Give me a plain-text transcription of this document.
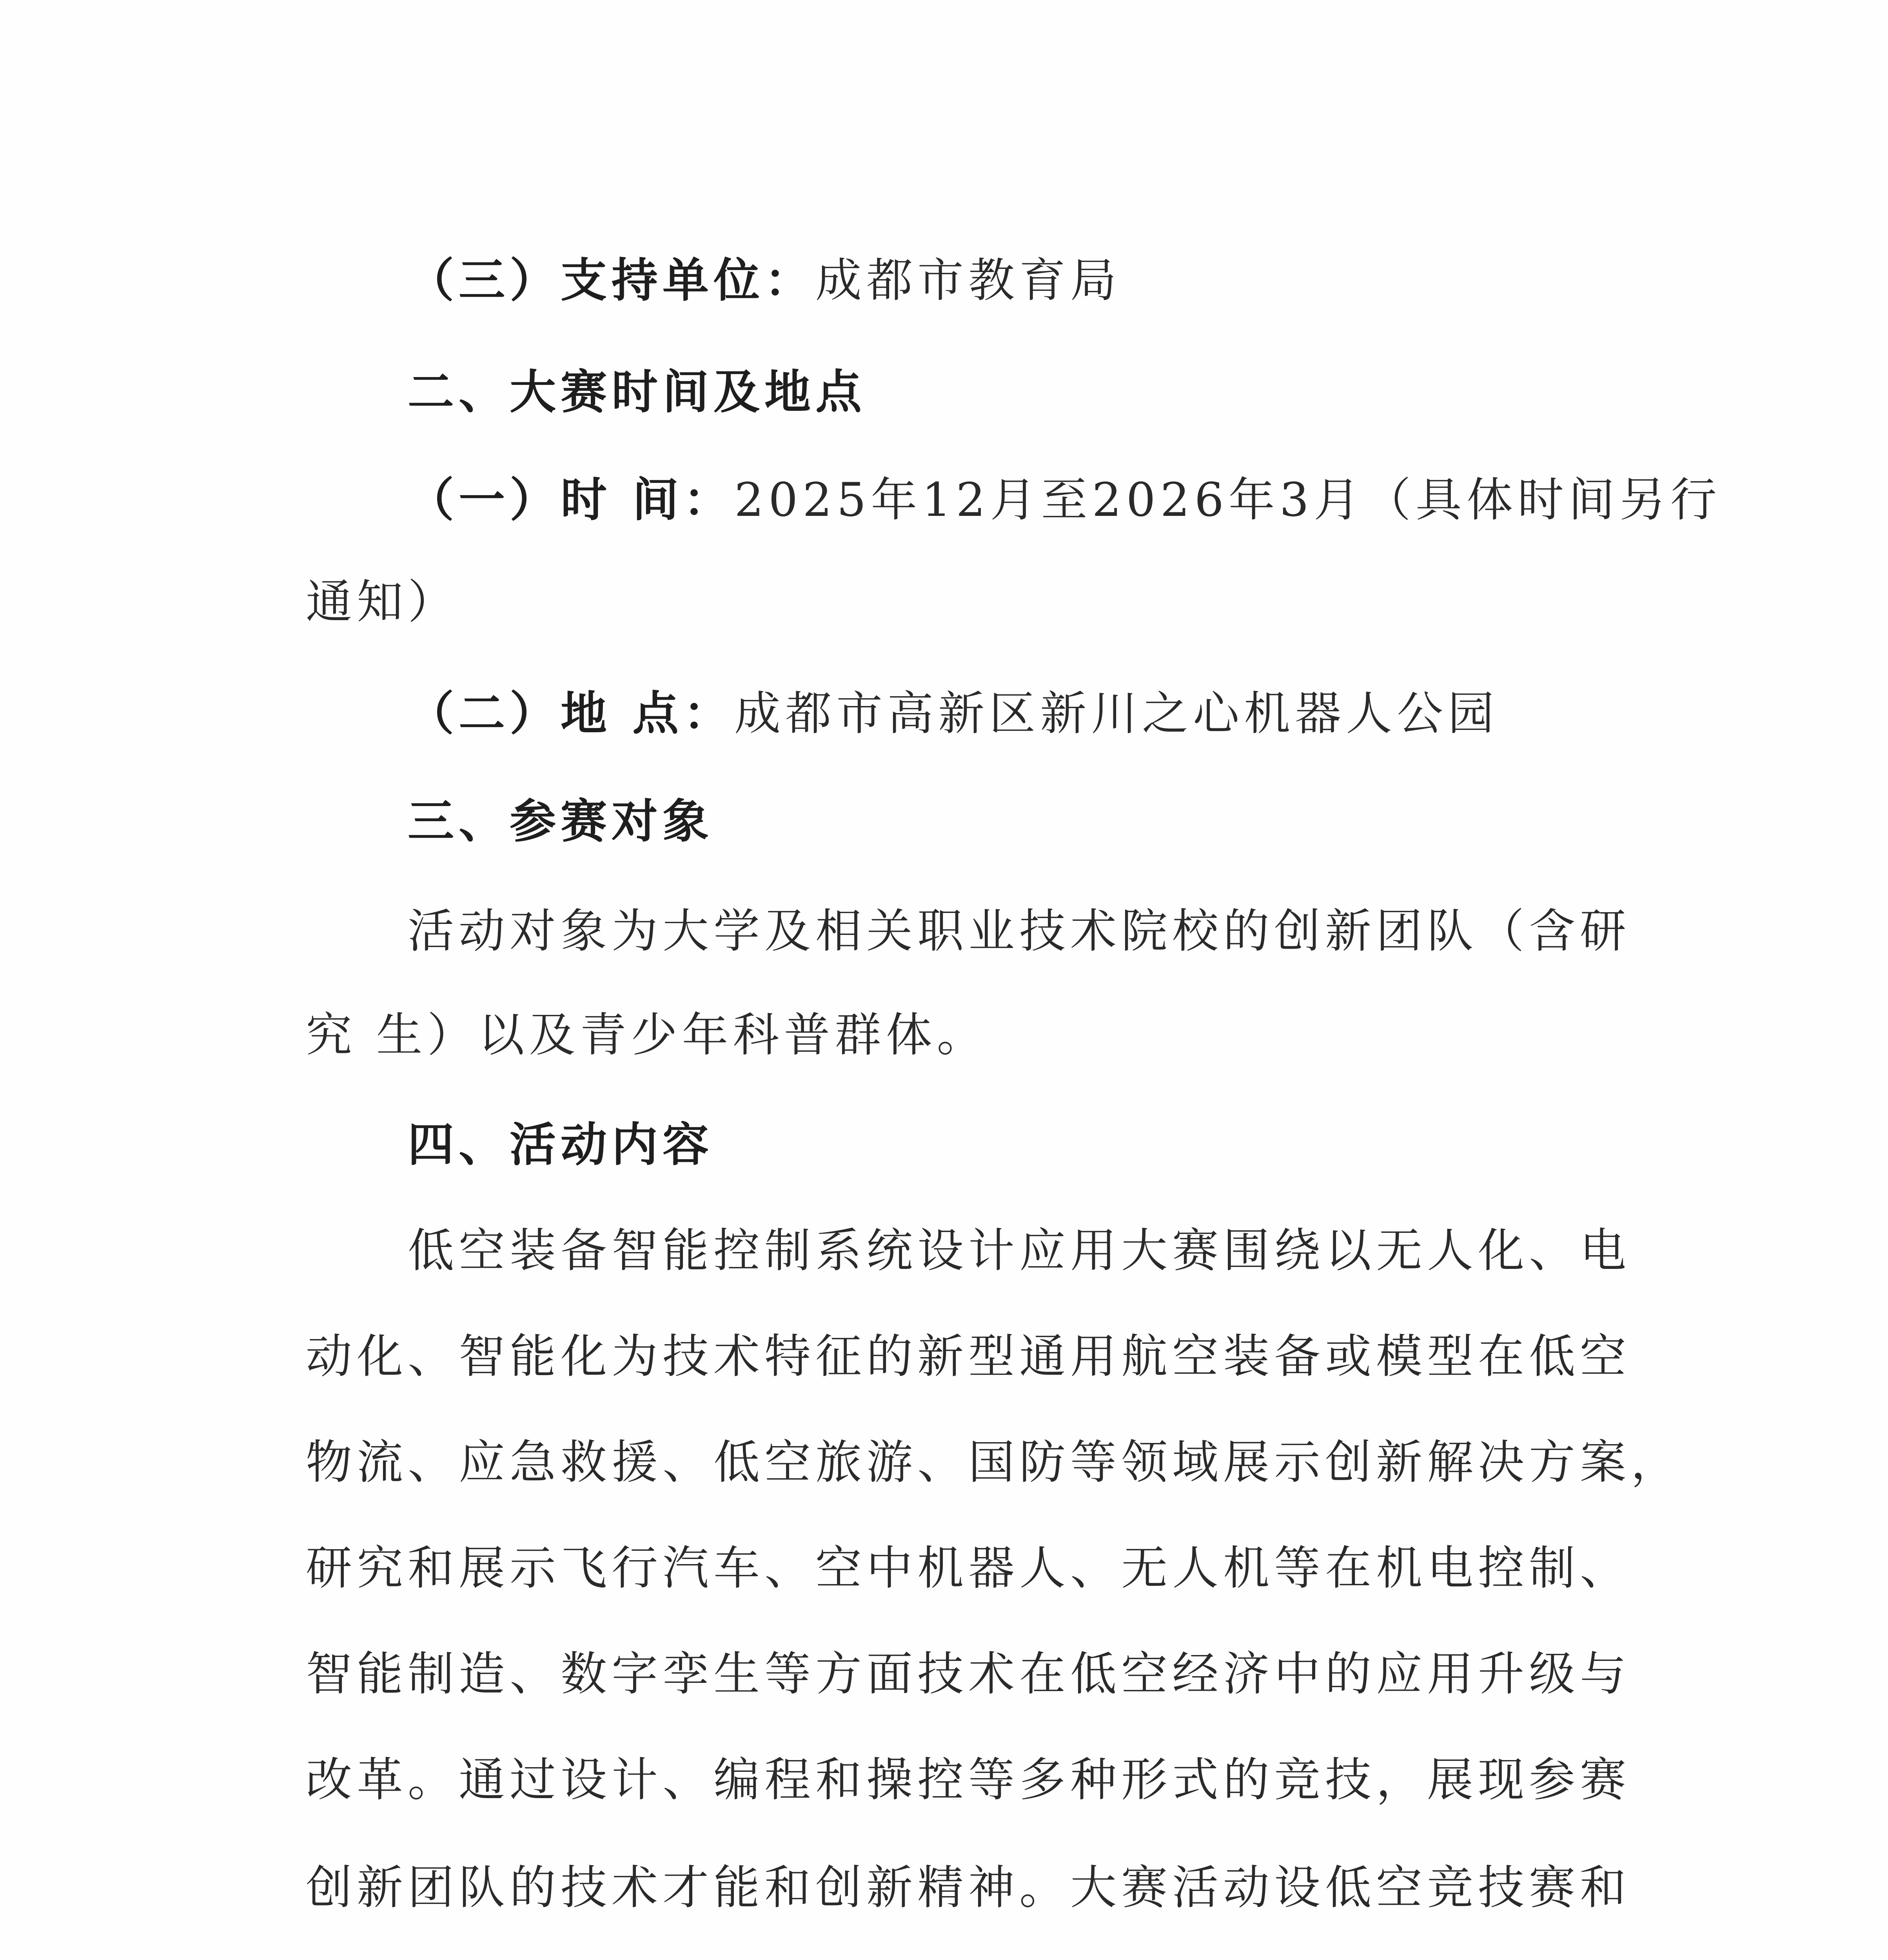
（三）支持单位：成都市教育局
二、大赛时间及地点
（一）时 间：2025年12月至2026年3月（具体时间另行
通知）
（二）地 点：成都市高新区新川之心机器人公园
三、参赛对象
活动对象为大学及相关职业技术院校的创新团队（含研
究 生）以及青少年科普群体。
四、活动内容
低空装备智能控制系统设计应用大赛围绕以无人化、电
动化、智能化为技术特征的新型通用航空装备或模型在低空
物流、应急救援、低空旅游、国防等领域展示创新解决方案，
研究和展示飞行汽车、空中机器人、无人机等在机电控制、
智能制造、数字孪生等方面技术在低空经济中的应用升级与
改革。通过设计、编程和操控等多种形式的竞技，展现参赛
创新团队的技术才能和创新精神。大赛活动设低空竞技赛和
